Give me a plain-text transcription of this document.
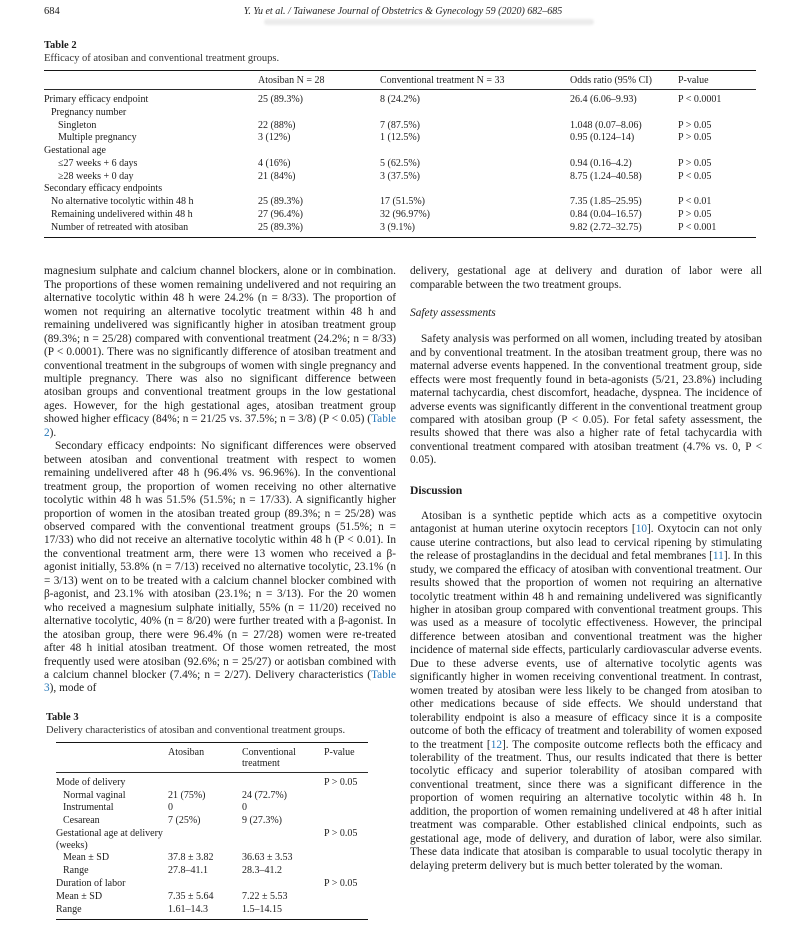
684	Y. Yu et al. / Taiwanese Journal of Obstetrics & Gynecology 59 (2020) 682–685
Table 2
Efficacy of atosiban and conventional treatment groups.
	Atosiban N = 28	Conventional treatment N = 33	Odds ratio (95% CI)	P-value
Primary efficacy endpoint	25 (89.3%)	8 (24.2%)	26.4 (6.06–9.93)	P < 0.0001
Pregnancy number				
Singleton	22 (88%)	7 (87.5%)	1.048 (0.07–8.06)	P > 0.05
Multiple pregnancy	3 (12%)	1 (12.5%)	0.95 (0.124–14)	P > 0.05
Gestational age				
≤27 weeks + 6 days	4 (16%)	5 (62.5%)	0.94 (0.16–4.2)	P > 0.05
≥28 weeks + 0 day	21 (84%)	3 (37.5%)	8.75 (1.24–40.58)	P < 0.05
Secondary efficacy endpoints				
No alternative tocolytic within 48 h	25 (89.3%)	17 (51.5%)	7.35 (1.85–25.95)	P < 0.01
Remaining undelivered within 48 h	27 (96.4%)	32 (96.97%)	0.84 (0.04–16.57)	P > 0.05
Number of retreated with atosiban	25 (89.3%)	3 (9.1%)	9.82 (2.72–32.75)	P < 0.001

magnesium sulphate and calcium channel blockers, alone or in combination. The proportions of these women remaining undelivered and not requiring an alternative tocolytic within 48 h were 24.2% (n = 8/33). The proportion of women not requiring an alternative tocolytic treatment within 48 h and remaining undelivered was significantly higher in atosiban treatment group (89.3%; n = 25/28) compared with conventional treatment (24.2%; n = 8/33) (P < 0.0001). There was no significantly difference of atosiban treatment and conventional treatment in the subgroups of women with single pregnancy and multiple pregnancy. There was also no significant difference between atosiban groups and conventional treatment groups in the low gestational ages. However, for the high gestational ages, atosiban treatment group showed higher efficacy (84%; n = 21/25 vs. 37.5%; n = 3/8) (P < 0.05) (Table 2).

Secondary efficacy endpoints: No significant differences were observed between atosiban and conventional treatment with respect to women remaining undelivered after 48 h (96.4% vs. 96.96%). In the conventional treatment group, the proportion of women receiving no other alternative tocolytic within 48 h was 51.5% (51.5%; n = 17/33). A significantly higher proportion of women in the atosiban treated group (89.3%; n = 25/28) was observed compared with the conventional treatment groups (51.5%; n = 17/33) who did not receive an alternative tocolytic within 48 h (P < 0.01). In the conventional treatment arm, there were 13 women who received a β-agonist initially, 53.8% (n = 7/13) received no alternative tocolytic, 23.1% (n = 3/13) went on to be treated with a calcium channel blocker combined with β-agonist, and 23.1% with atosiban (23.1%; n = 3/13). For the 20 women who received a magnesium sulphate initially, 55% (n = 11/20) received no alternative tocolytic, 40% (n = 8/20) were further treated with a β-agonist. In the atosiban group, there were 96.4% (n = 27/28) women were re-treated after 48 h initial atosiban treatment. Of those women retreated, the most frequently used were atosiban (92.6%; n = 25/27) or aotisban combined with a calcium channel blocker (7.4%; n = 2/27). Delivery characteristics (Table 3), mode of

Table 3
Delivery characteristics of atosiban and conventional treatment groups.
	Atosiban	Conventional treatment	P-value
Mode of delivery			P > 0.05
Normal vaginal	21 (75%)	24 (72.7%)	
Instrumental	0	0	
Cesarean	7 (25%)	9 (27.3%)	
Gestational age at delivery (weeks)			P > 0.05
Mean ± SD	37.8 ± 3.82	36.63 ± 3.53	
Range	27.8–41.1	28.3–41.2	
Duration of labor			P > 0.05
Mean ± SD	7.35 ± 5.64	7.22 ± 5.53	
Range	1.61–14.3	1.5–14.15	

delivery, gestational age at delivery and duration of labor were all comparable between the two treatment groups.

Safety assessments

Safety analysis was performed on all women, including treated by atosiban and by conventional treatment. In the atosiban treatment group, there was no maternal adverse events happened. In the conventional treatment group, side effects were most frequently found in beta-agonists (5/21, 23.8%) including maternal tachycardia, chest discomfort, headache, dyspnea. The incidence of adverse events was significantly different in the conventional treatment group compared with atosiban group (P < 0.05). For fetal safety assessment, the results showed that there was also a higher rate of fetal tachycardia with conventional treatment compared with atosiban treatment (4.7% vs. 0, P < 0.05).

Discussion

Atosiban is a synthetic peptide which acts as a competitive oxytocin antagonist at human uterine oxytocin receptors [10]. Oxytocin can not only cause uterine contractions, but also lead to cervical ripening by stimulating the release of prostaglandins in the decidual and fetal membranes [11]. In this study, we compared the efficacy of atosiban with conventional treatment. Our results showed that the proportion of women not requiring an alternative tocolytic treatment within 48 h and remaining undelivered was significantly higher in atosiban group compared with conventional treatment groups. This was used as a measure of tocolytic effectiveness. However, the principal difference between atosiban and conventional treatment was the higher incidence of maternal side effects, particularly cardiovascular adverse events. Due to these adverse events, use of alternative tocolytic agents was significantly higher in women receiving conventional treatment. In contrast, women treated by atosiban were less likely to be changed from atosiban to other medications because of side effects. We should understand that tolerability endpoint is also a measure of efficacy since it is a composite outcome of both the efficacy of treatment and tolerability of women exposed to the treatment [12]. The composite outcome reflects both the efficacy and tolerability of the treatment. Thus, our results indicated that there is better tocolytic efficacy and superior tolerability of atosiban compared with conventional treatment, since there was a significant difference in the proportion of women requiring an alternative tocolytic within 48 h. In addition, the proportion of women remaining undelivered at 48 h after initial treatment was comparable. Other established clinical endpoints, such as gestational age, mode of delivery, and duration of labor, were also similar. These data indicate that atosiban is comparable to usual tocolytic therapy in delaying preterm delivery but is much better tolerated by the woman.
